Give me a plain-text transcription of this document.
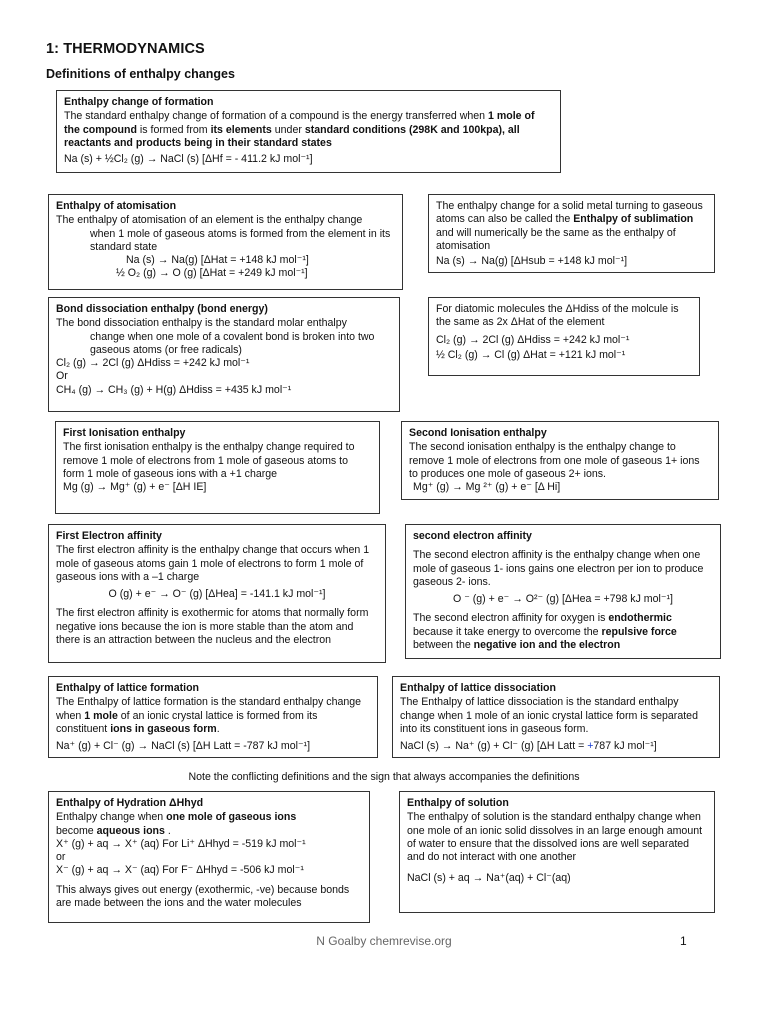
1: THERMODYNAMICS
Definitions of enthalpy changes
Enthalpy change of formation

The standard enthalpy change of formation of a compound is the energy transferred when 1 mole of the compound is formed from its elements under standard conditions (298K and 100kpa), all reactants and products being in their standard states

Na (s) + ½Cl₂ (g) → NaCl (s) [ΔHf = - 411.2 kJ mol⁻¹]

Enthalpy of atomisation

The enthalpy of atomisation of an element is the enthalpy change

when 1 mole of gaseous atoms is formed from the element in its standard state

Na (s) → Na(g) [ΔHat = +148 kJ mol⁻¹]

½ O₂ (g) → O (g) [ΔHat = +249 kJ mol⁻¹]

The enthalpy change for a solid metal turning to gaseous atoms can also be called the Enthalpy of sublimation and will numerically be the same as the enthalpy of atomisation

Na (s) → Na(g) [ΔHsub = +148 kJ mol⁻¹]

Bond dissociation enthalpy (bond energy)

The bond dissociation enthalpy is the standard molar enthalpy

change when one mole of a covalent bond is broken into two gaseous atoms (or free radicals)

Cl₂ (g) → 2Cl (g) ΔHdiss = +242 kJ mol⁻¹

Or

CH₄ (g) → CH₃ (g) + H(g) ΔHdiss = +435 kJ mol⁻¹

For diatomic molecules the ΔHdiss of the molcule is the same as 2x ΔHat of the element

Cl₂ (g) → 2Cl (g) ΔHdiss = +242 kJ mol⁻¹

½ Cl₂ (g) → Cl (g) ΔHat = +121 kJ mol⁻¹

First Ionisation enthalpy

The first ionisation enthalpy is the enthalpy change required to remove 1 mole of electrons from 1 mole of gaseous atoms to form 1 mole of gaseous ions with a +1 charge

Mg (g) → Mg⁺ (g) + e⁻ [ΔH IE]

Second Ionisation enthalpy

The second ionisation enthalpy is the enthalpy change to remove 1 mole of electrons from one mole of gaseous 1+ ions to produces one mole of gaseous 2+ ions.

Mg⁺ (g) → Mg ²⁺ (g) + e⁻ [Δ Hi]

First Electron affinity

The first electron affinity is the enthalpy change that occurs when 1 mole of gaseous atoms gain 1 mole of electrons to form 1 mole of gaseous ions with a –1 charge

O (g) + e⁻ → O⁻ (g) [ΔHea] = -141.1 kJ mol⁻¹]

The first electron affinity is exothermic for atoms that normally form negative ions because the ion is more stable than the atom and there is an attraction between the nucleus and the electron

second electron affinity

The second electron affinity is the enthalpy change when one mole of gaseous 1- ions gains one electron per ion to produce gaseous 2- ions.

O ⁻ (g) + e⁻ → O²⁻ (g) [ΔHea = +798 kJ mol⁻¹]

The second electron affinity for oxygen is endothermic because it take energy to overcome the repulsive force between the negative ion and the electron

Enthalpy of lattice formation

The Enthalpy of lattice formation is the standard enthalpy change when 1 mole of an ionic crystal lattice is formed from its constituent ions in gaseous form.

Na⁺ (g) + Cl⁻ (g) → NaCl (s) [ΔH Latt = -787 kJ mol⁻¹]

Enthalpy of lattice dissociation

The Enthalpy of lattice dissociation is the standard enthalpy change when 1 mole of an ionic crystal lattice form is separated into its constituent ions in gaseous form.

NaCl (s) → Na⁺ (g) + Cl⁻ (g) [ΔH Latt = +787 kJ mol⁻¹]

Note the conflicting definitions and the sign that always accompanies the definitions
Enthalpy of Hydration ΔHhyd

Enthalpy change when one mole of gaseous ions

become aqueous ions .

X⁺ (g) + aq → X⁺ (aq) For Li⁺ ΔHhyd = -519 kJ mol⁻¹

or

X⁻ (g) + aq → X⁻ (aq) For F⁻ ΔHhyd = -506 kJ mol⁻¹

This always gives out energy (exothermic, -ve) because bonds are made between the ions and the water molecules

Enthalpy of solution

The enthalpy of solution is the standard enthalpy change when one mole of an ionic solid dissolves in an large enough amount of water to ensure that the dissolved ions are well separated and do not interact with one another

NaCl (s) + aq → Na⁺(aq) + Cl⁻(aq)

N Goalby chemrevise.org	1
